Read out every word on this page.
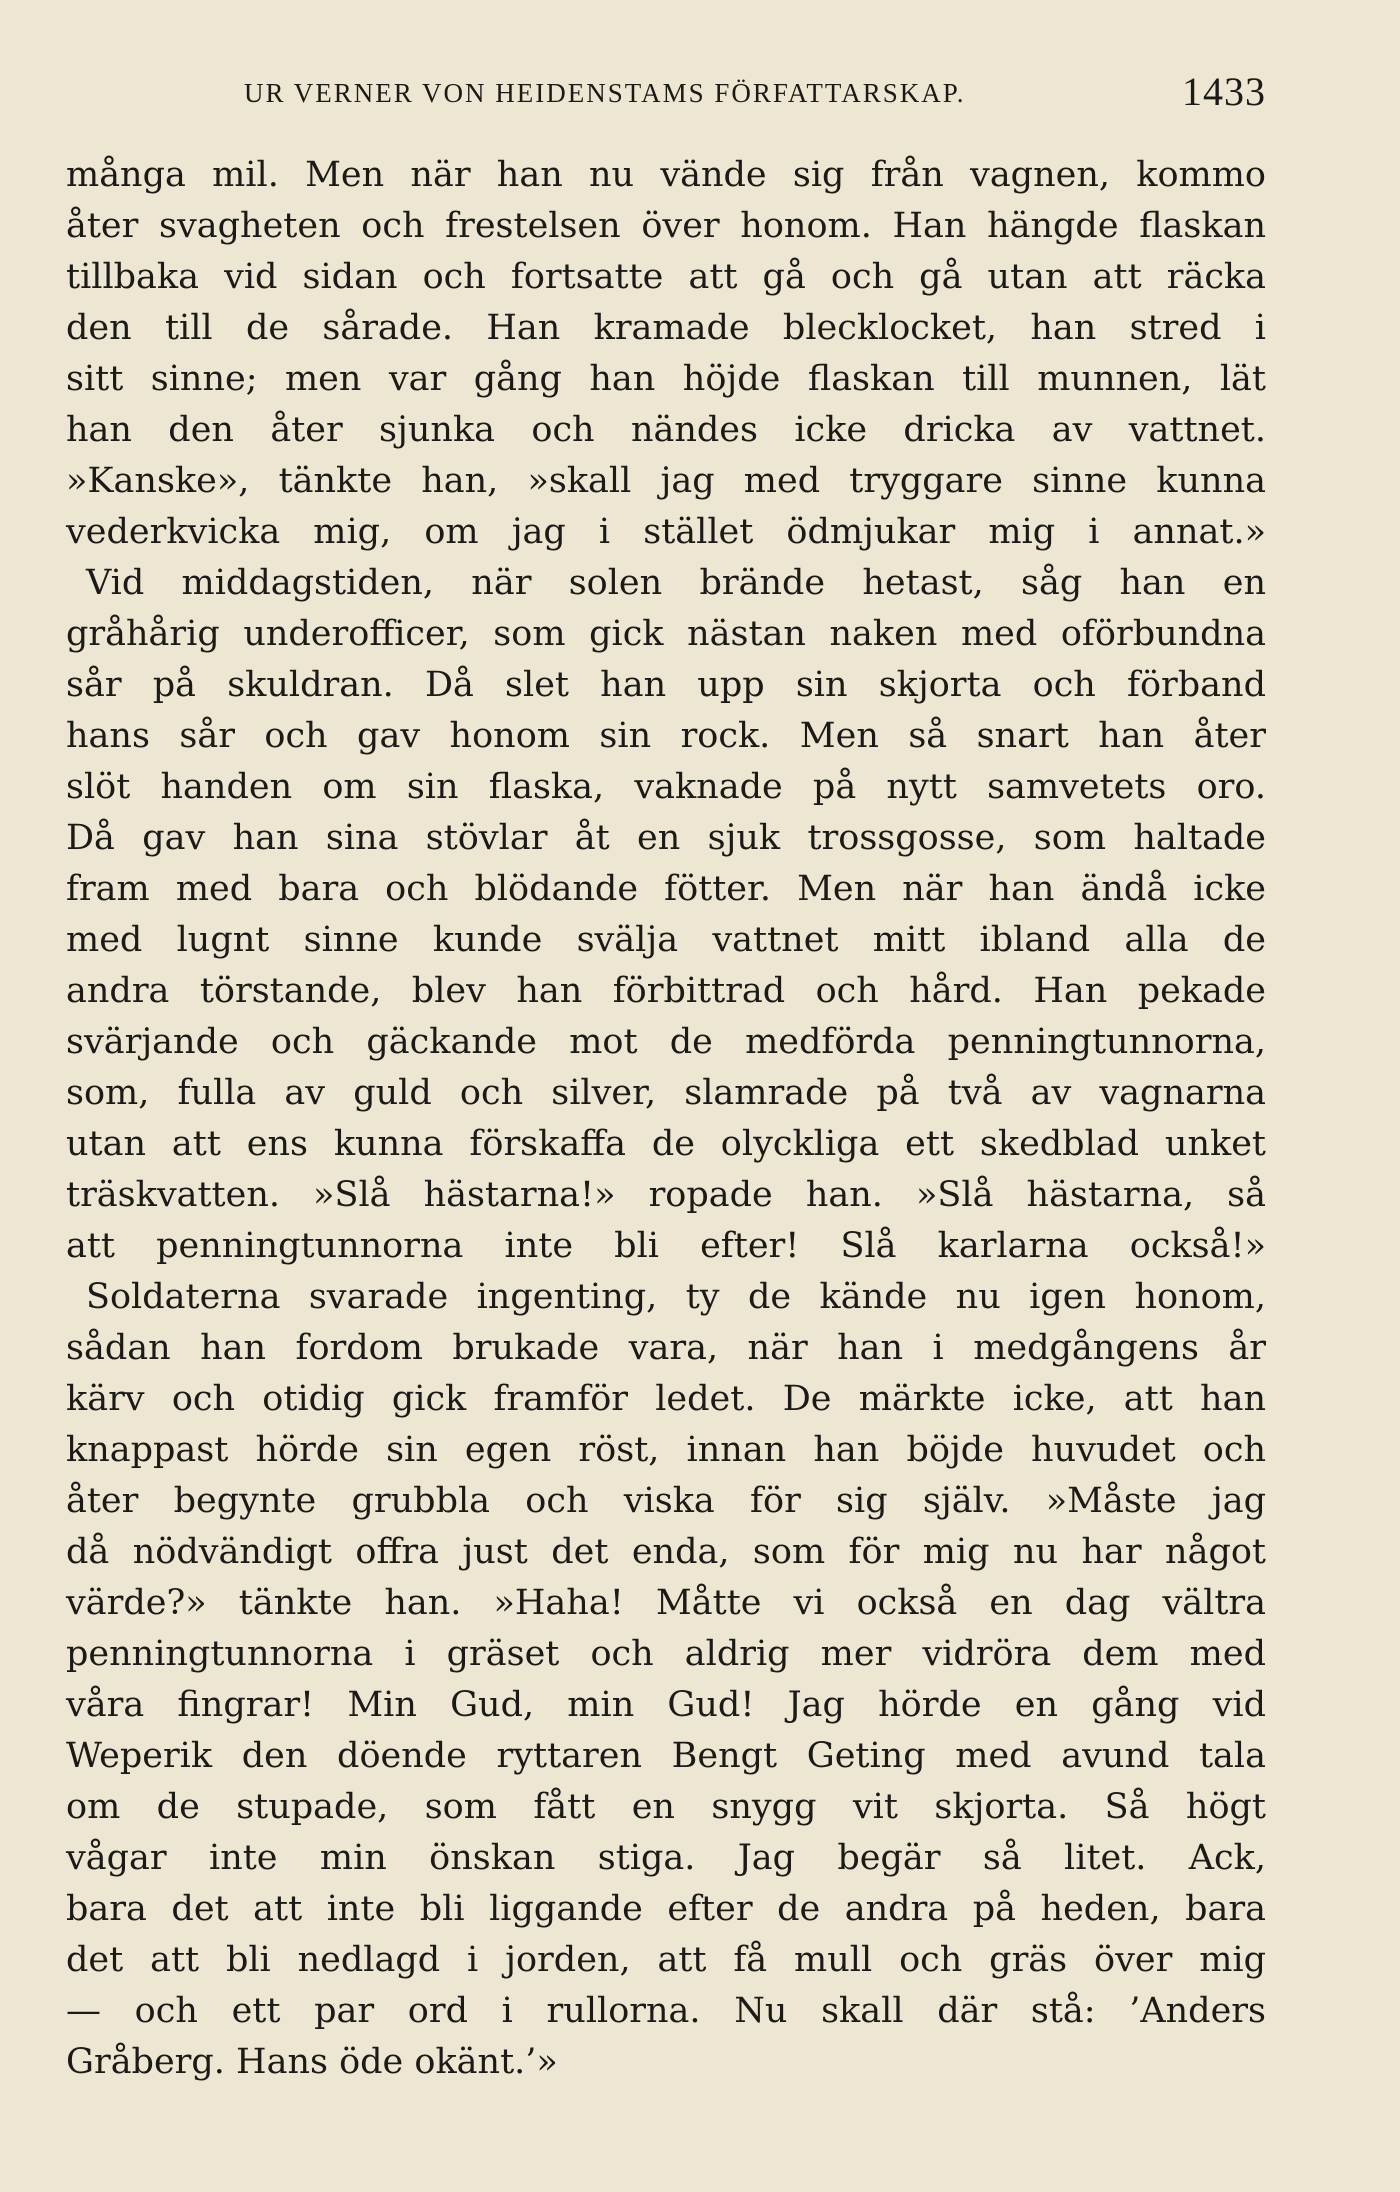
UR VERNER VON HEIDENSTAMS FÖRFATTARSKAP.	1433
många mil. Men när han nu vände sig från vagnen, kommo
åter svagheten och frestelsen över honom. Han hängde flaskan
tillbaka vid sidan och fortsatte att gå och gå utan att räcka
den till de sårade. Han kramade blecklocket, han stred i
sitt sinne; men var gång han höjde flaskan till munnen, lät
han den åter sjunka och nändes icke dricka av vattnet.
»Kanske», tänkte han, »skall jag med tryggare sinne kunna
vederkvicka mig, om jag i stället ödmjukar mig i annat.»
Vid middagstiden, när solen brände hetast, såg han en
gråhårig underofficer, som gick nästan naken med oförbundna
sår på skuldran. Då slet han upp sin skjorta och förband
hans sår och gav honom sin rock. Men så snart han åter
slöt handen om sin flaska, vaknade på nytt samvetets oro.
Då gav han sina stövlar åt en sjuk trossgosse, som haltade
fram med bara och blödande fötter. Men när han ändå icke
med lugnt sinne kunde svälja vattnet mitt ibland alla de
andra törstande, blev han förbittrad och hård. Han pekade
svärjande och gäckande mot de medförda penningtunnorna,
som, fulla av guld och silver, slamrade på två av vagnarna
utan att ens kunna förskaffa de olyckliga ett skedblad unket
träskvatten. »Slå hästarna!» ropade han. »Slå hästarna, så
att penningtunnorna inte bli efter! Slå karlarna också!»
Soldaterna svarade ingenting, ty de kände nu igen honom,
sådan han fordom brukade vara, när han i medgångens år
kärv och otidig gick framför ledet. De märkte icke, att han
knappast hörde sin egen röst, innan han böjde huvudet och
åter begynte grubbla och viska för sig själv. »Måste jag
då nödvändigt offra just det enda, som för mig nu har något
värde?» tänkte han. »Haha! Måtte vi också en dag vältra
penningtunnorna i gräset och aldrig mer vidröra dem med
våra fingrar! Min Gud, min Gud! Jag hörde en gång vid
Weperik den döende ryttaren Bengt Geting med avund tala
om de stupade, som fått en snygg vit skjorta. Så högt
vågar inte min önskan stiga. Jag begär så litet. Ack,
bara det att inte bli liggande efter de andra på heden, bara
det att bli nedlagd i jorden, att få mull och gräs över mig
— och ett par ord i rullorna. Nu skall där stå: ’Anders
Gråberg. Hans öde okänt.’»
